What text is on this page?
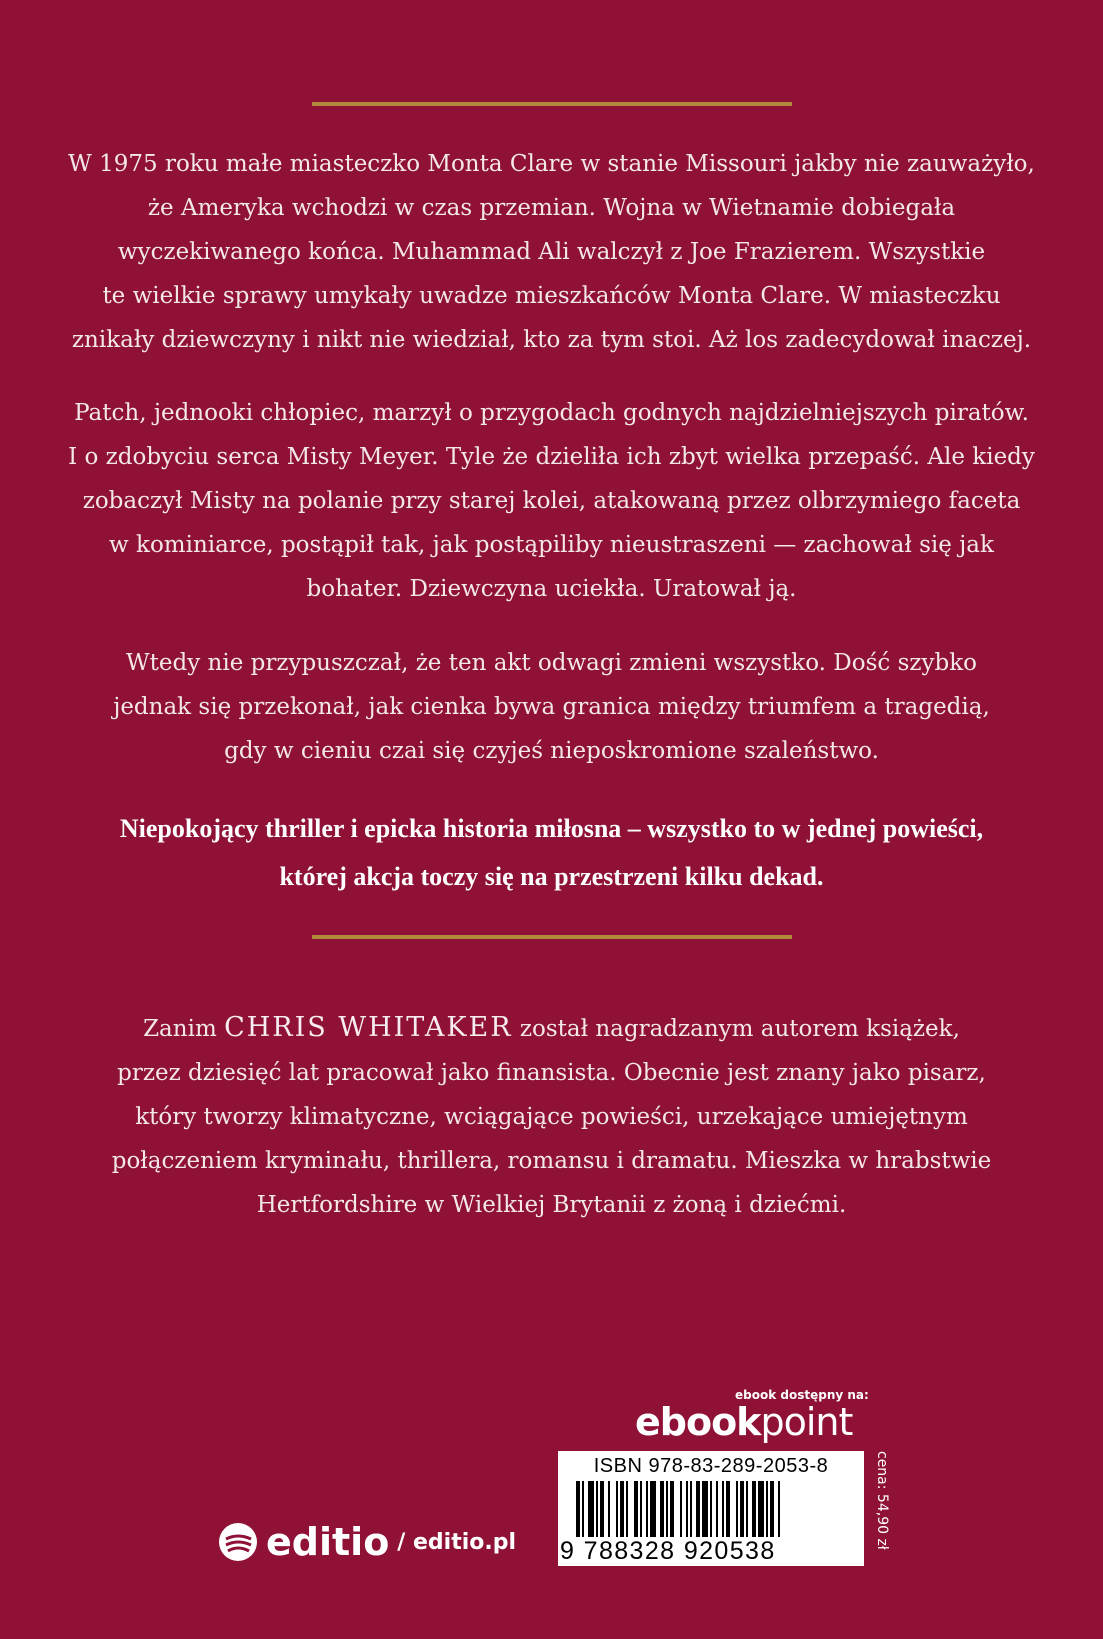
W 1975 roku małe miasteczko Monta Clare w stanie Missouri jakby nie zauważyło,
że Ameryka wchodzi w czas przemian. Wojna w Wietnamie dobiegała
wyczekiwanego końca. Muhammad Ali walczył z Joe Frazierem. Wszystkie
te wielkie sprawy umykały uwadze mieszkańców Monta Clare. W miasteczku
znikały dziewczyny i nikt nie wiedział, kto za tym stoi. Aż los zadecydował inaczej.

Patch, jednooki chłopiec, marzył o przygodach godnych najdzielniejszych piratów.
I o zdobyciu serca Misty Meyer. Tyle że dzieliła ich zbyt wielka przepaść. Ale kiedy
zobaczył Misty na polanie przy starej kolei, atakowaną przez olbrzymiego faceta
w kominiarce, postąpił tak, jak postąpiliby nieustraszeni — zachował się jak
bohater. Dziewczyna uciekła. Uratował ją.

Wtedy nie przypuszczał, że ten akt odwagi zmieni wszystko. Dość szybko
jednak się przekonał, jak cienka bywa granica między triumfem a tragedią,
gdy w cieniu czai się czyjeś nieposkromione szaleństwo.

Niepokojący thriller i epicka historia miłosna – wszystko to w jednej powieści,
której akcja toczy się na przestrzeni kilku dekad.

Zanim CHRIS WHITAKER został nagradzanym autorem książek,
przez dziesięć lat pracował jako finansista. Obecnie jest znany jako pisarz,
który tworzy klimatyczne, wciągające powieści, urzekające umiejętnym
połączeniem kryminału, thrillera, romansu i dramatu. Mieszka w hrabstwie
Hertfordshire w Wielkiej Brytanii z żoną i dziećmi.

ebook dostępny na:
ebookpoint
ISBN 978-83-289-2053-8
9 788328 920538
cena: 54,90 zł
editio / editio.pl
